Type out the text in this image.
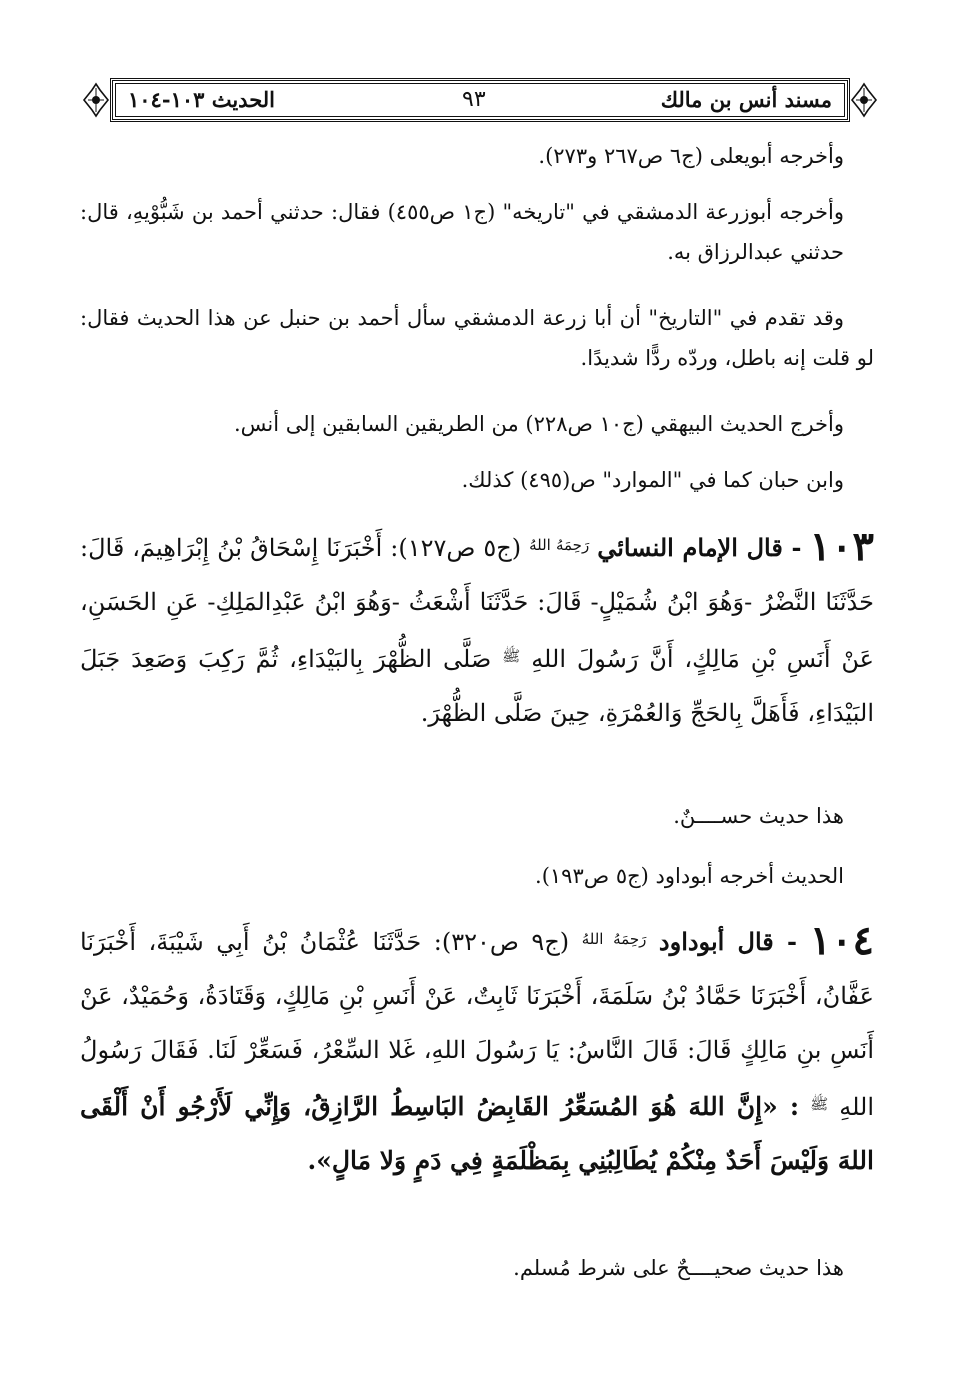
مسند أنس بن مالك
٩٣
الحديث ١٠٣-١٠٤
وأخرجه أبويعلى (ج٦ ص٢٦٧ و٢٧٣).
وأخرجه أبوزرعة الدمشقي في "تاريخه" (ج١ ص٤٥٥) فقال: حدثني أحمد بن شَبُّوْيهِ، قال: حدثني عبدالرزاق به.
وقد تقدم في "التاريخ" أن أبا زرعة الدمشقي سأل أحمد بن حنبل عن هذا الحديث فقال: لو قلت إنه باطل، وردّه ردًّا شديدًا.
وأخرج الحديث البيهقي (ج١٠ ص٢٢٨) من الطريقين السابقين إلى أنس.
وابن حبان كما في "الموارد" ص(٤٩٥) كذلك.
١٠٣ - قال الإمام النسائي $^{رَحِمَهُ اللهُ}$ (ج٥ ص١٢٧): أَخْبَرَنَا إِسْحَاقُ بْنُ إِبْرَاهِيمَ، قَالَ: حَدَّثَنَا النَّضْرُ -وَهُوَ ابْنُ شُمَيْلٍ- قَالَ: حَدَّثَنَا أَشْعَثُ -وَهُوَ ابْنُ عَبْدِالمَلِكِ- عَنِ الحَسَنِ، عَنْ أَنَسِ بْنِ مَالِكٍ، أَنَّ رَسُولَ اللهِ $^ﷺ$ صَلَّى الظُّهْرَ بِالبَيْدَاءِ، ثُمَّ رَكِبَ وَصَعِدَ جَبَلَ البَيْدَاءِ، فَأَهَلَّ بِالحَجِّ وَالعُمْرَةِ، حِينَ صَلَّى الظُّهْرَ.
هذا حديث حســــنٌ.
الحديث أخرجه أبوداود (ج٥ ص١٩٣).
١٠٤ - قال أبوداود $^{رَحِمَهُ اللهُ}$ (ج٩ ص٣٢٠): حَدَّثَنَا عُثْمَانُ بْنُ أَبِي شَيْبَةَ، أَخْبَرَنَا عَفَّانُ، أَخْبَرَنَا حَمَّادُ بْنُ سَلَمَةَ، أَخْبَرَنَا ثَابِتٌ، عَنْ أَنَسِ بْنِ مَالِكٍ، وَقَتَادَةُ، وَحُمَيْدٌ، عَنْ أَنَسِ بنِ مَالِكٍ قَالَ: قَالَ النَّاسُ: يَا رَسُولَ اللهِ، غَلا السِّعْرُ، فَسَعِّرْ لَنَا. فَقَالَ رَسُولُ اللهِ $^ﷺ$ : «إِنَّ اللهَ هُوَ المُسَعِّرُ القَابِضُ البَاسِطُ الرَّازِقُ، وَإِنِّي لَأَرْجُو أَنْ أَلْقَى اللهَ وَلَيْسَ أَحَدٌ مِنْكُمْ يُطَالِبُنِي بِمَظْلَمَةٍ فِي دَمٍ وَلا مَالٍ».
هذا حديث صحيــــحٌ على شرط مُسلم.
